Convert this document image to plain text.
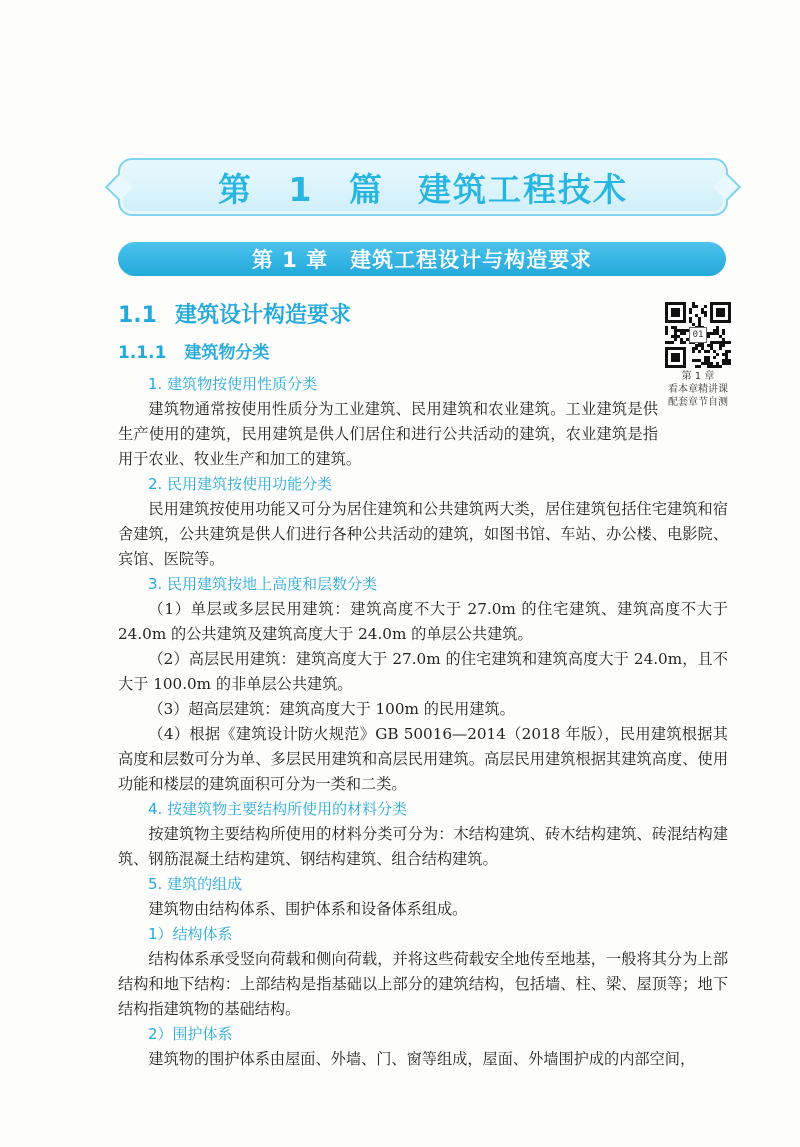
第 1 篇 建筑工程技术
第 1 章 建筑工程设计与构造要求
1.1 建筑设计构造要求
1.1.1 建筑物分类
01
第 1 章
看本章精讲课
配套章节自测
1. 建筑物按使用性质分类

建筑物通常按使用性质分为工业建筑、民用建筑和农业建筑。工业建筑是供生产使用的建筑，民用建筑是供人们居住和进行公共活动的建筑，农业建筑是指用于农业、牧业生产和加工的建筑。

2. 民用建筑按使用功能分类

民用建筑按使用功能又可分为居住建筑和公共建筑两大类，居住建筑包括住宅建筑和宿舍建筑，公共建筑是供人们进行各种公共活动的建筑，如图书馆、车站、办公楼、电影院、宾馆、医院等。

3. 民用建筑按地上高度和层数分类

（1）单层或多层民用建筑：建筑高度不大于 27.0m 的住宅建筑、建筑高度不大于 24.0m 的公共建筑及建筑高度大于 24.0m 的单层公共建筑。

（2）高层民用建筑：建筑高度大于 27.0m 的住宅建筑和建筑高度大于 24.0m，且不大于 100.0m 的非单层公共建筑。

（3）超高层建筑：建筑高度大于 100m 的民用建筑。

（4）根据《建筑设计防火规范》GB 50016—2014（2018 年版），民用建筑根据其高度和层数可分为单、多层民用建筑和高层民用建筑。高层民用建筑根据其建筑高度、使用功能和楼层的建筑面积可分为一类和二类。

4. 按建筑物主要结构所使用的材料分类

按建筑物主要结构所使用的材料分类可分为：木结构建筑、砖木结构建筑、砖混结构建筑、钢筋混凝土结构建筑、钢结构建筑、组合结构建筑。

5. 建筑的组成

建筑物由结构体系、围护体系和设备体系组成。

1）结构体系

结构体系承受竖向荷载和侧向荷载，并将这些荷载安全地传至地基，一般将其分为上部结构和地下结构：上部结构是指基础以上部分的建筑结构，包括墙、柱、梁、屋顶等；地下结构指建筑物的基础结构。

2）围护体系

建筑物的围护体系由屋面、外墙、门、窗等组成，屋面、外墙围护成的内部空间，
